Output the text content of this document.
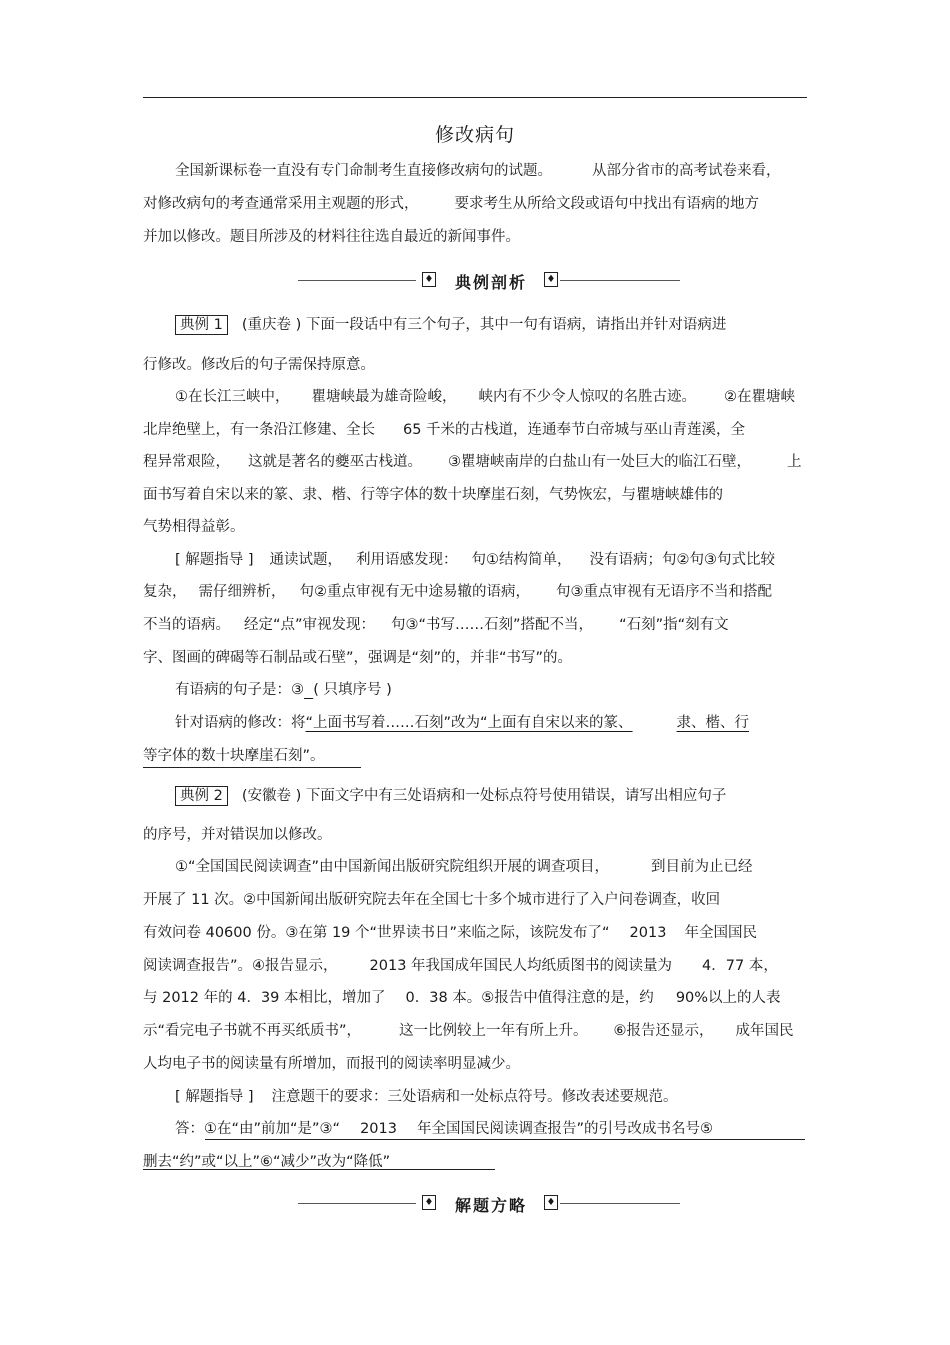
修改病句
全国新课标卷一直没有专门命制考生直接修改病句的试题。	从部分省市的高考试卷来看，
对修改病句的考查通常采用主观题的形式， 要求考生从所给文段或语句中找出有语病的地方
并加以修改。题目所涉及的材料往往选自最近的新闻事件。
♦	典例剖析	♦
典例 1 (重庆卷 ) 下面一段话中有三个句子，其中一句有语病，请指出并针对语病进
行修改。修改后的句子需保持原意。
①在长江三峡中， 瞿塘峡最为雄奇险峻， 峡内有不少令人惊叹的名胜古迹。 ②在瞿塘峡
北岸绝壁上，有一条沿江修建、全长 65 千米的古栈道，连通奉节白帝城与巫山青莲溪，全
程异常艰险， 这就是著名的夔巫古栈道。 ③瞿塘峡南岸的白盐山有一处巨大的临江石壁， 上
面书写着自宋以来的篆、隶、楷、行等字体的数十块摩崖石刻，气势恢宏，与瞿塘峡雄伟的
气势相得益彰。
[ 解题指导 ] 通读试题， 利用语感发现： 句①结构简单， 没有语病；句②句③句式比较
复杂， 需仔细辨析， 句②重点审视有无中途易辙的语病， 句③重点审视有无语序不当和搭配
不当的语病。 经定“点”审视发现： 句③“书写……石刻”搭配不当， “石刻”指“刻有文
字、图画的碑碣等石制品或石壁”，强调是“刻”的，并非“书写”的。
有语病的句子是：③ ( 只填序号 )
针对语病的修改：将“上面书写着……石刻”改为“上面有自宋以来的篆、	隶、楷、行
等字体的数十块摩崖石刻”。
典例 2 (安徽卷 ) 下面文字中有三处语病和一处标点符号使用错误，请写出相应句子
的序号，并对错误加以修改。
①“全国国民阅读调查”由中国新闻出版研究院组织开展的调查项目，	到目前为止已经
开展了 11 次。②中国新闻出版研究院去年在全国七十多个城市进行了入户问卷调查，收回
有效问卷 40600 份。③在第 19 个“世界读书日”来临之际，该院发布了“ 2013 年全国国民
阅读调查报告”。④报告显示， 2013 年我国成年国民人均纸质图书的阅读量为 4．77 本，
与 2012 年的 4．39 本相比，增加了 0．38 本。⑤报告中值得注意的是，约 90%以上的人表
示“看完电子书就不再买纸质书”，	这一比例较上一年有所上升。 ⑥报告还显示， 成年国民
人均电子书的阅读量有所增加，而报刊的阅读率明显减少。
[ 解题指导 ] 注意题干的要求：三处语病和一处标点符号。修改表述要规范。
答：①在“由”前加“是”③“ 2013 年全国国民阅读调查报告”的引号改成书名号⑤
删去“约”或“以上”⑥“减少”改为“降低”
♦	解题方略	♦
